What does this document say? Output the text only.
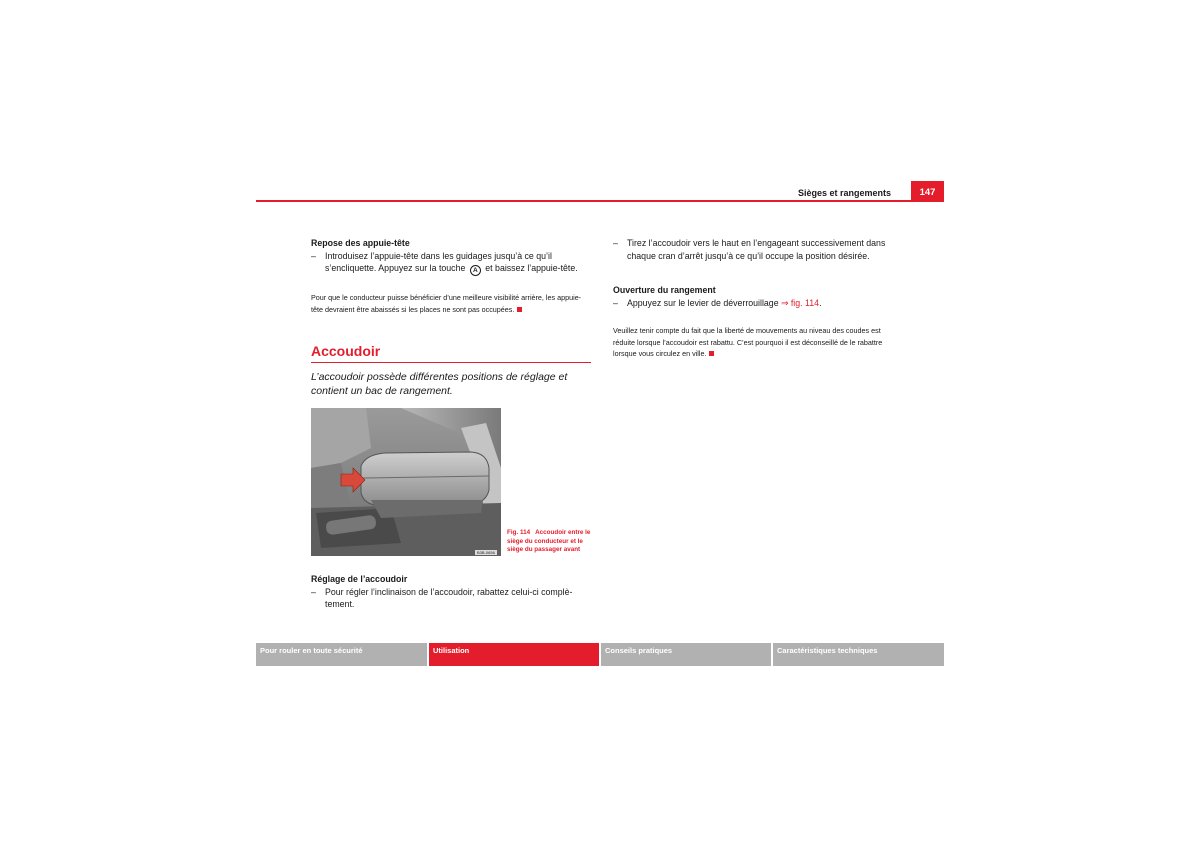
Sièges et rangements	147
Repose des appuie-tête
– Introduisez l’appuie-tête dans les guidages jusqu’à ce qu’il s’encliquette. Appuyez sur la touche A et baissez l’appuie-tête.
Pour que le conducteur puisse bénéficier d’une meilleure visibilité arrière, les appuie-tête devraient être abaissés si les places ne sont pas occupées.
Accoudoir
L’accoudoir possède différentes positions de réglage et contient un bac de rangement.
B3B-0656
Fig. 114 Accoudoir entre le siège du conducteur et le siège du passager avant
Réglage de l’accoudoir
– Pour régler l’inclinaison de l’accoudoir, rabattez celui-ci complè-tement.
– Tirez l’accoudoir vers le haut en l’engageant successivement dans chaque cran d’arrêt jusqu’à ce qu’il occupe la position désirée.
Ouverture du rangement
– Appuyez sur le levier de déverrouillage ⇒ fig. 114.
Veuillez tenir compte du fait que la liberté de mouvements au niveau des coudes est réduite lorsque l’accoudoir est rabattu. C’est pourquoi il est déconseillé de le rabattre lorsque vous circulez en ville.
Pour rouler en toute sécurité	Utilisation	Conseils pratiques	Caractéristiques techniques
